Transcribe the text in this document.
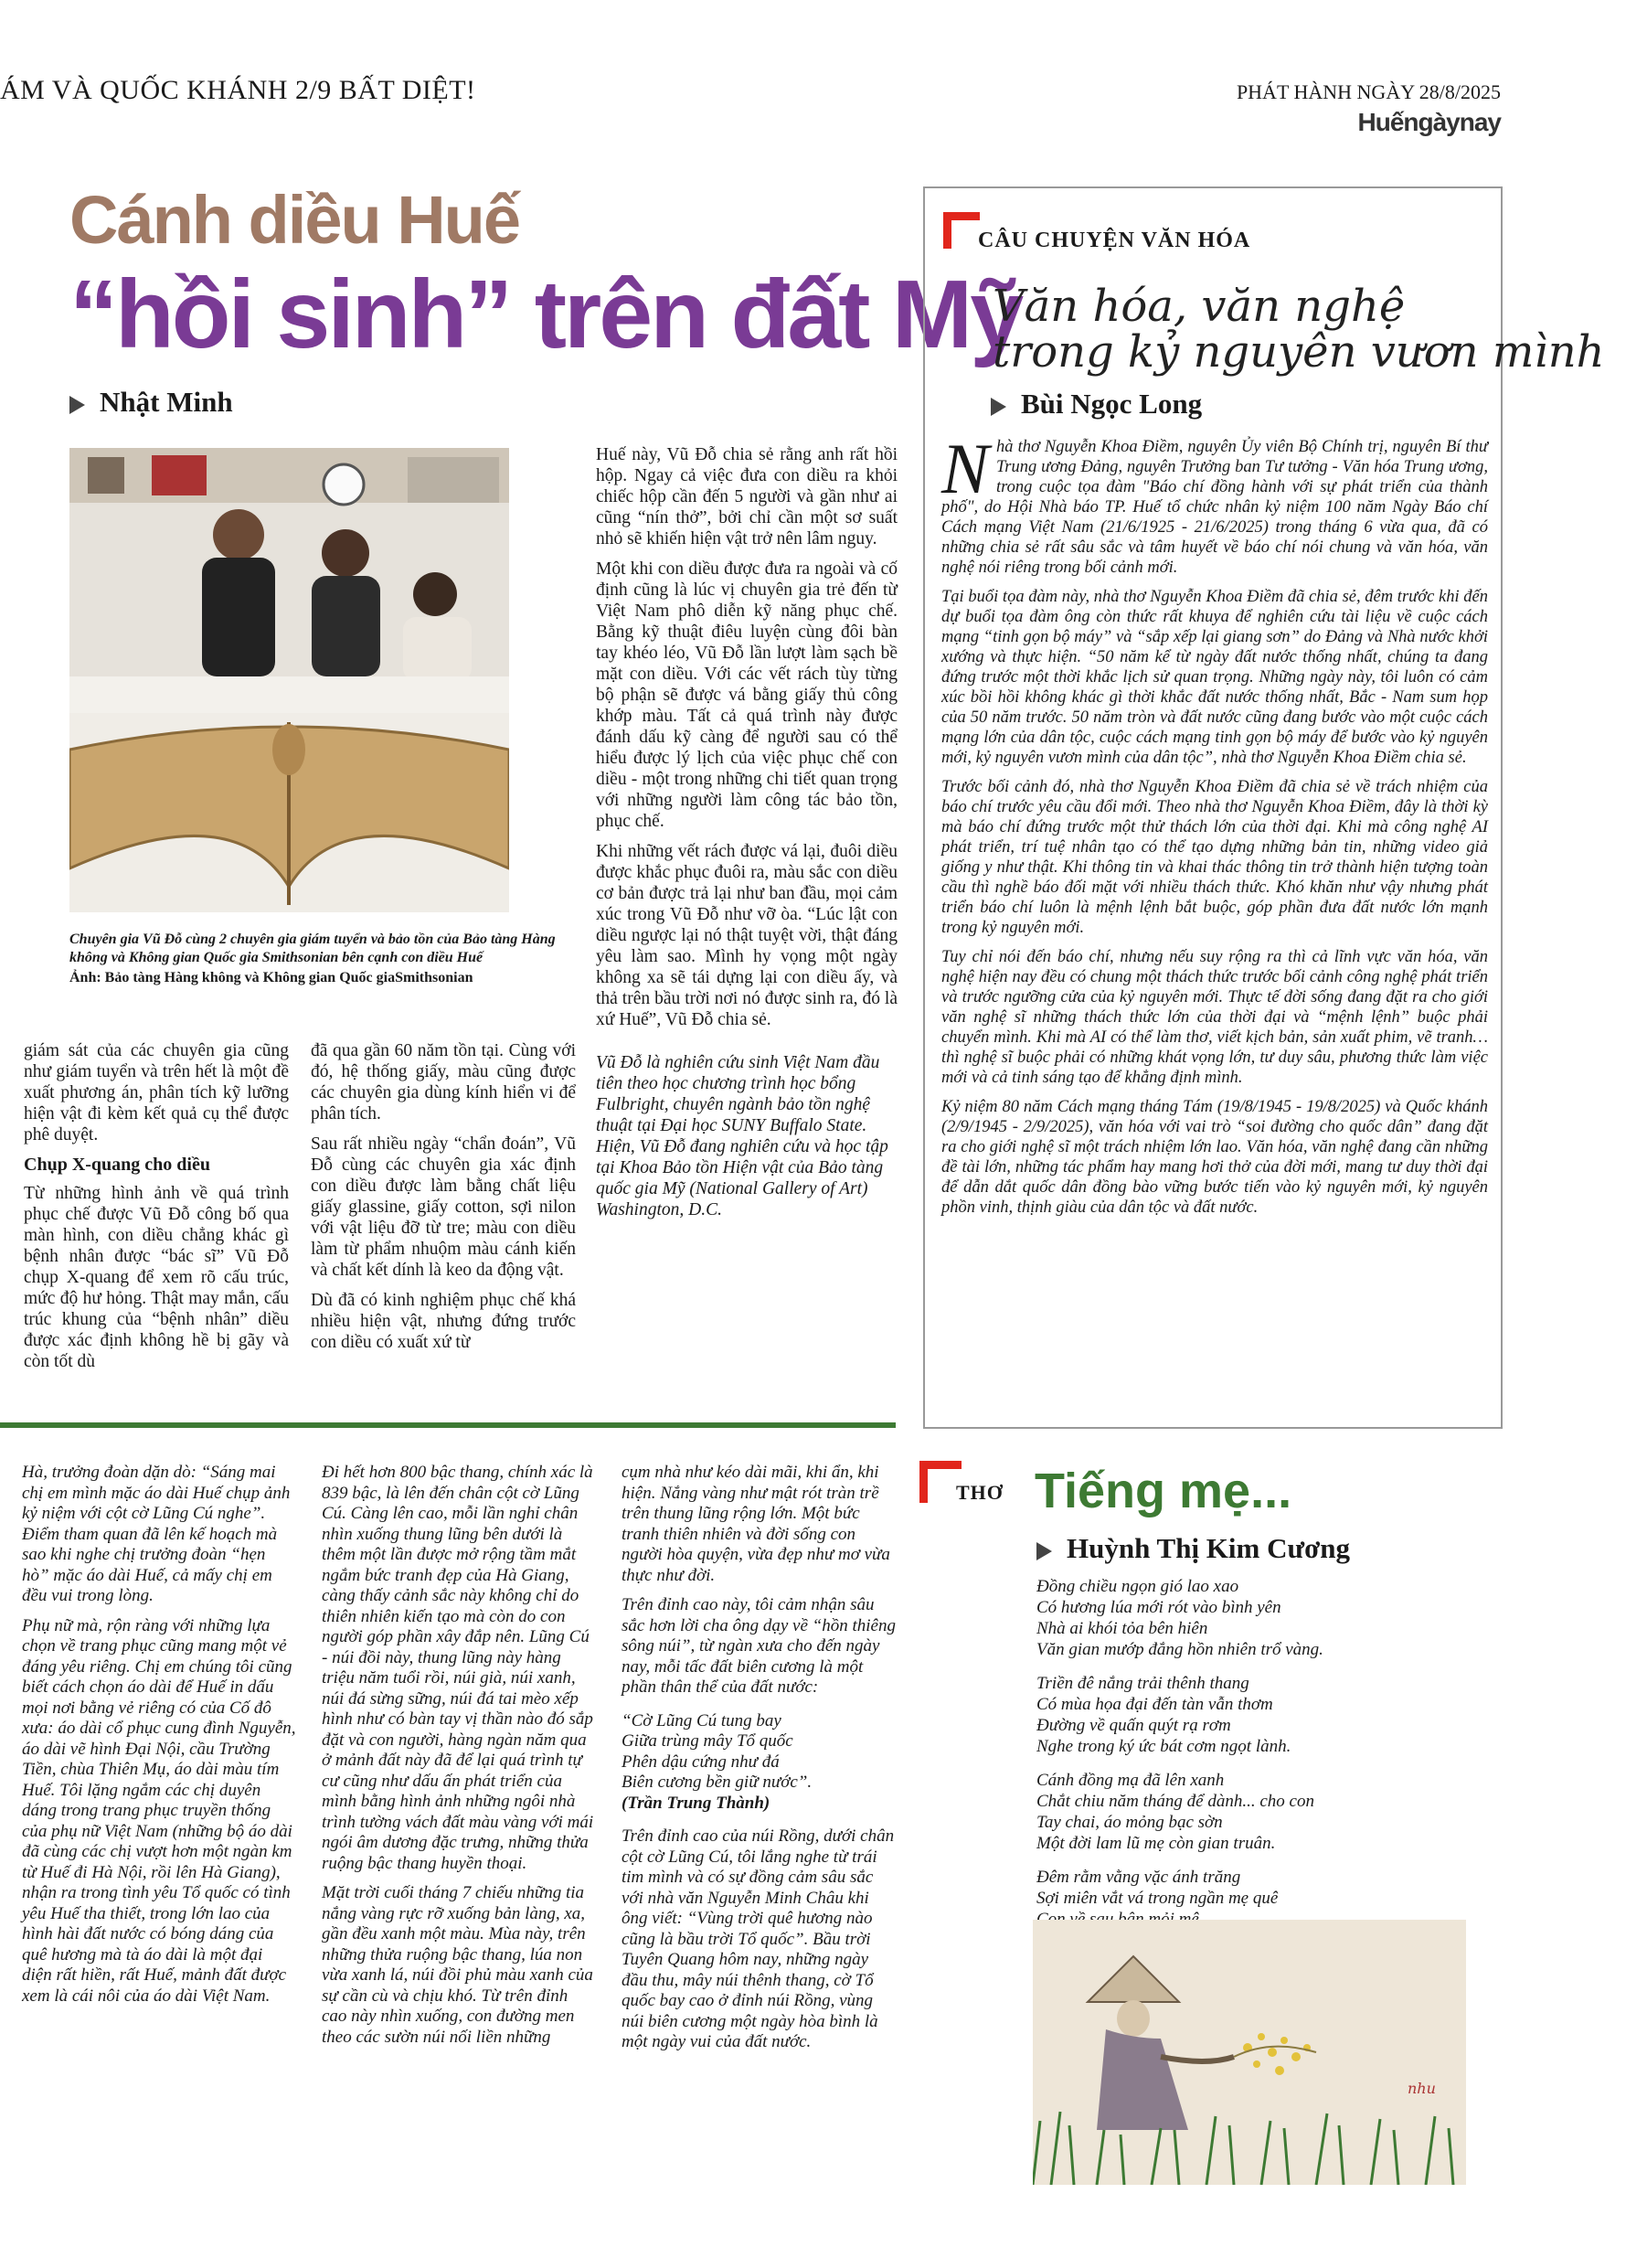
ÁM VÀ QUỐC KHÁNH 2/9 BẤT DIỆT!	PHÁT HÀNH NGÀY 28/8/2025
Huếngàynay
Cánh diều Huế
“hồi sinh” trên đất Mỹ
Nhật Minh
Chuyên gia Vũ Đỗ cùng 2 chuyên gia giám tuyển và bảo tồn của Bảo tàng Hàng không và Không gian Quốc gia Smithsonian bên cạnh con diều Huế
Ảnh: Bảo tàng Hàng không và Không gian Quốc giaSmithsonian

giám sát của các chuyên gia cũng như giám tuyển và trên hết là một đề xuất phương án, phân tích kỹ lưỡng hiện vật đi kèm kết quả cụ thể được phê duyệt.

Chụp X-quang cho diều

Từ những hình ảnh về quá trình phục chế được Vũ Đỗ công bố qua màn hình, con diều chẳng khác gì bệnh nhân được “bác sĩ” Vũ Đỗ chụp X-quang để xem rõ cấu trúc, mức độ hư hỏng. Thật may mắn, cấu trúc khung của “bệnh nhân” diều được xác định không hề bị gãy và còn tốt dù

đã qua gần 60 năm tồn tại. Cùng với đó, hệ thống giấy, màu cũng được các chuyên gia dùng kính hiển vi để phân tích.

Sau rất nhiều ngày “chẩn đoán”, Vũ Đỗ cùng các chuyên gia xác định con diều được làm bằng chất liệu giấy glassine, giấy cotton, sợi nilon với vật liệu đỡ từ tre; màu con diều làm từ phẩm nhuộm màu cánh kiến và chất kết dính là keo da động vật.

Dù đã có kinh nghiệm phục chế khá nhiều hiện vật, nhưng đứng trước con diều có xuất xứ từ

Huế này, Vũ Đỗ chia sẻ rằng anh rất hồi hộp. Ngay cả việc đưa con diều ra khỏi chiếc hộp cần đến 5 người và gần như ai cũng “nín thở”, bởi chỉ cần một sơ suất nhỏ sẽ khiến hiện vật trở nên lâm nguy.

Một khi con diều được đưa ra ngoài và cố định cũng là lúc vị chuyên gia trẻ đến từ Việt Nam phô diễn kỹ năng phục chế. Bằng kỹ thuật điêu luyện cùng đôi bàn tay khéo léo, Vũ Đỗ lần lượt làm sạch bề mặt con diều. Với các vết rách tùy từng bộ phận sẽ được vá bằng giấy thủ công khớp màu. Tất cả quá trình này được đánh dấu kỹ càng để người sau có thể hiểu được lý lịch của việc phục chế con diều - một trong những chi tiết quan trọng với những người làm công tác bảo tồn, phục chế.

Khi những vết rách được vá lại, đuôi diều được khắc phục đuôi ra, màu sắc con diều cơ bản được trả lại như ban đầu, mọi cảm xúc trong Vũ Đỗ như vỡ òa. “Lúc lật con diều ngược lại nó thật tuyệt vời, thật đáng yêu làm sao. Mình hy vọng một ngày không xa sẽ tái dựng lại con diều ấy, và thả trên bầu trời nơi nó được sinh ra, đó là xứ Huế”, Vũ Đỗ chia sẻ.

Vũ Đỗ là nghiên cứu sinh Việt Nam đầu tiên theo học chương trình học bổng Fulbright, chuyên ngành bảo tồn nghệ thuật tại Đại học SUNY Buffalo State. Hiện, Vũ Đỗ đang nghiên cứu và học tập tại Khoa Bảo tồn Hiện vật của Bảo tàng quốc gia Mỹ (National Gallery of Art) Washington, D.C.

CÂU CHUYỆN VĂN HÓA
Văn hóa, văn nghệ
trong kỷ nguyên vươn mình
Bùi Ngọc Long

Nhà thơ Nguyễn Khoa Điềm, nguyên Ủy viên Bộ Chính trị, nguyên Bí thư Trung ương Đảng, nguyên Trưởng ban Tư tưởng - Văn hóa Trung ương, trong cuộc tọa đàm "Báo chí đồng hành với sự phát triển của thành phố", do Hội Nhà báo TP. Huế tổ chức nhân kỷ niệm 100 năm Ngày Báo chí Cách mạng Việt Nam (21/6/1925 - 21/6/2025) trong tháng 6 vừa qua, đã có những chia sẻ rất sâu sắc và tâm huyết về báo chí nói chung và văn hóa, văn nghệ nói riêng trong bối cảnh mới.

Tại buổi tọa đàm này, nhà thơ Nguyễn Khoa Điềm đã chia sẻ, đêm trước khi đến dự buổi tọa đàm ông còn thức rất khuya để nghiên cứu tài liệu về cuộc cách mạng “tinh gọn bộ máy” và “sắp xếp lại giang sơn” do Đảng và Nhà nước khởi xướng và thực hiện. “50 năm kể từ ngày đất nước thống nhất, chúng ta đang đứng trước một thời khắc lịch sử quan trọng. Những ngày này, tôi luôn có cảm xúc bồi hồi không khác gì thời khắc đất nước thống nhất, Bắc - Nam sum họp của 50 năm trước. 50 năm tròn và đất nước cũng đang bước vào một cuộc cách mạng lớn của dân tộc, cuộc cách mạng tinh gọn bộ máy để bước vào kỷ nguyên mới, kỷ nguyên vươn mình của dân tộc”, nhà thơ Nguyễn Khoa Điềm chia sẻ.

Trước bối cảnh đó, nhà thơ Nguyễn Khoa Điềm đã chia sẻ về trách nhiệm của báo chí trước yêu cầu đổi mới. Theo nhà thơ Nguyễn Khoa Điềm, đây là thời kỳ mà báo chí đứng trước một thử thách lớn của thời đại. Khi mà công nghệ AI phát triển, trí tuệ nhân tạo có thể tạo dựng những bản tin, những video giả giống y như thật. Khi thông tin và khai thác thông tin trở thành hiện tượng toàn cầu thì nghề báo đối mặt với nhiều thách thức. Khó khăn như vậy nhưng phát triển báo chí luôn là mệnh lệnh bắt buộc, góp phần đưa đất nước lớn mạnh trong kỷ nguyên mới.

Tuy chỉ nói đến báo chí, nhưng nếu suy rộng ra thì cả lĩnh vực văn hóa, văn nghệ hiện nay đều có chung một thách thức trước bối cảnh công nghệ phát triển và trước ngưỡng cửa của kỷ nguyên mới. Thực tế đời sống đang đặt ra cho giới văn nghệ sĩ những thách thức lớn của thời đại và “mệnh lệnh” buộc phải chuyển mình. Khi mà AI có thể làm thơ, viết kịch bản, sản xuất phim, vẽ tranh… thì nghệ sĩ buộc phải có những khát vọng lớn, tư duy sâu, phương thức làm việc mới và cả tinh sáng tạo để khẳng định mình.

Kỷ niệm 80 năm Cách mạng tháng Tám (19/8/1945 - 19/8/2025) và Quốc khánh (2/9/1945 - 2/9/2025), văn hóa với vai trò “soi đường cho quốc dân” đang đặt ra cho giới nghệ sĩ một trách nhiệm lớn lao. Văn hóa, văn nghệ đang cần những đề tài lớn, những tác phẩm hay mang hơi thở của đời mới, mang tư duy thời đại để dẫn dắt quốc dân đồng bào vững bước tiến vào kỷ nguyên mới, kỷ nguyên phồn vinh, thịnh giàu của dân tộc và đất nước.

Hà, trưởng đoàn dặn dò: “Sáng mai chị em mình mặc áo dài Huế chụp ảnh kỷ niệm với cột cờ Lũng Cú nghe”. Điểm tham quan đã lên kế hoạch mà sao khi nghe chị trưởng đoàn “hẹn hò” mặc áo dài Huế, cả mấy chị em đều vui trong lòng.

Phụ nữ mà, rộn ràng với những lựa chọn về trang phục cũng mang một vẻ đáng yêu riêng. Chị em chúng tôi cũng biết cách chọn áo dài để Huế in dấu mọi nơi bằng vẻ riêng có của Cố đô xưa: áo dài cổ phục cung đình Nguyễn, áo dài vẽ hình Đại Nội, cầu Trường Tiền, chùa Thiên Mụ, áo dài màu tím Huế. Tôi lặng ngắm các chị duyên dáng trong trang phục truyền thống của phụ nữ Việt Nam (những bộ áo dài đã cùng các chị vượt hơn một ngàn km từ Huế đi Hà Nội, rồi lên Hà Giang), nhận ra trong tình yêu Tổ quốc có tình yêu Huế tha thiết, trong lớn lao của hình hài đất nước có bóng dáng của quê hương mà tà áo dài là một đại diện rất hiền, rất Huế, mảnh đất được xem là cái nôi của áo dài Việt Nam.

Đi hết hơn 800 bậc thang, chính xác là 839 bậc, là lên đến chân cột cờ Lũng Cú. Càng lên cao, mỗi lần nghỉ chân nhìn xuống thung lũng bên dưới là thêm một lần được mở rộng tầm mắt ngắm bức tranh đẹp của Hà Giang, càng thấy cảnh sắc này không chỉ do thiên nhiên kiến tạo mà còn do con người góp phần xây đắp nên. Lũng Cú - núi đồi này, thung lũng này hàng triệu năm tuổi rồi, núi già, núi xanh, núi đá sừng sững, núi đá tai mèo xếp hình như có bàn tay vị thần nào đó sắp đặt và con người, hàng ngàn năm qua ở mảnh đất này đã để lại quá trình tự cư cũng như dấu ấn phát triển của mình bằng hình ảnh những ngôi nhà trình tường vách đất màu vàng với mái ngói âm dương đặc trưng, những thửa ruộng bậc thang huyền thoại.

Mặt trời cuối tháng 7 chiếu những tia nắng vàng rực rỡ xuống bản làng, xa, gần đều xanh một màu. Mùa này, trên những thửa ruộng bậc thang, lúa non vừa xanh lá, núi đồi phủ màu xanh của sự cần cù và chịu khó. Từ trên đỉnh cao này nhìn xuống, con đường men theo các sườn núi nối liền những

cụm nhà như kéo dài mãi, khi ẩn, khi hiện. Nắng vàng như mật rót tràn trề trên thung lũng rộng lớn. Một bức tranh thiên nhiên và đời sống con người hòa quyện, vừa đẹp như mơ vừa thực như đời.

Trên đỉnh cao này, tôi cảm nhận sâu sắc hơn lời cha ông dạy về “hồn thiêng sông núi”, từ ngàn xưa cho đến ngày nay, mỗi tấc đất biên cương là một phần thân thể của đất nước:

“Cờ Lũng Cú tung bay
Giữa trùng mây Tổ quốc
Phên dậu cứng như đá
Biên cương bền giữ nước”.
(Trần Trung Thành)

Trên đỉnh cao của núi Rồng, dưới chân cột cờ Lũng Cú, tôi lắng nghe từ trái tim mình và có sự đồng cảm sâu sắc với nhà văn Nguyễn Minh Châu khi ông viết: “Vùng trời quê hương nào cũng là bầu trời Tổ quốc”. Bầu trời Tuyên Quang hôm nay, những ngày đầu thu, mây núi thênh thang, cờ Tổ quốc bay cao ở đỉnh núi Rồng, vùng núi biên cương một ngày hòa bình là một ngày vui của đất nước.

THƠ Tiếng mẹ...
Huỳnh Thị Kim Cương
Đồng chiều ngọn gió lao xao
Có hương lúa mới rót vào bình yên
Nhà ai khói tỏa bên hiên
Văn gian mướp đắng hồn nhiên trổ vàng.
Triền đê nắng trải thênh thang
Có mùa họa đại đến tàn vẫn thơm
Đường về quấn quýt rạ rơm
Nghe trong ký ức bát cơm ngọt lành.
Cánh đồng mạ đã lên xanh
Chắt chiu năm tháng để dành... cho con
Tay chai, áo mỏng bạc sờn
Một đời lam lũ mẹ còn gian truân.
Đêm rằm vằng vặc ánh trăng
Sợi miên vắt vá trong ngần mẹ quê
nhu
